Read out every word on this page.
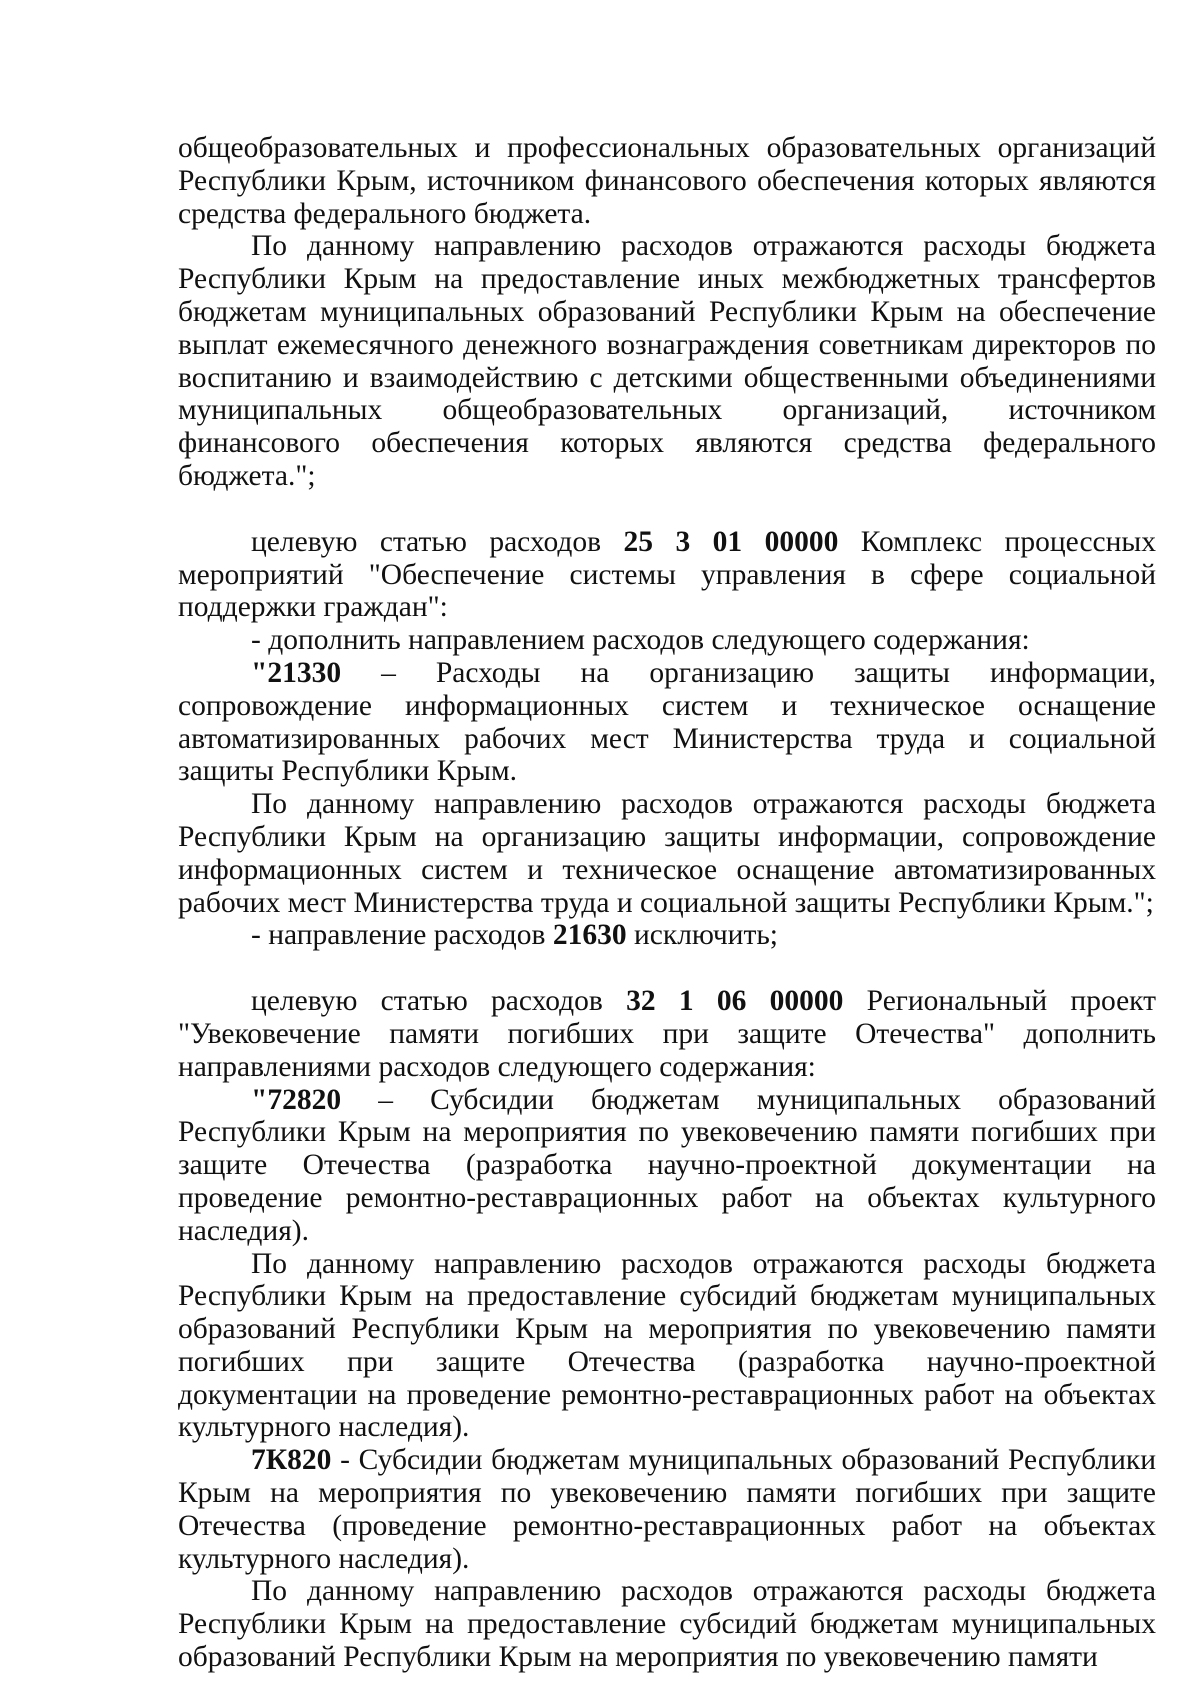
общеобразовательных и профессиональных образовательных организаций Республики Крым, источником финансового обеспечения которых являются средства федерального бюджета.

По данному направлению расходов отражаются расходы бюджета Республики Крым на предоставление иных межбюджетных трансфертов бюджетам муниципальных образований Республики Крым на обеспечение выплат ежемесячного денежного вознаграждения советникам директоров по воспитанию и взаимодействию с детскими общественными объединениями муниципальных общеобразовательных организаций, источником финансового обеспечения которых являются средства федерального бюджета.";

целевую статью расходов 25 3 01 00000 Комплекс процессных мероприятий "Обеспечение системы управления в сфере социальной поддержки граждан":

- дополнить направлением расходов следующего содержания:

"21330 – Расходы на организацию защиты информации, сопровождение информационных систем и техническое оснащение автоматизированных рабочих мест Министерства труда и социальной защиты Республики Крым.

По данному направлению расходов отражаются расходы бюджета Республики Крым на организацию защиты информации, сопровождение информационных систем и техническое оснащение автоматизированных рабочих мест Министерства труда и социальной защиты Республики Крым.";

- направление расходов 21630 исключить;

целевую статью расходов 32 1 06 00000 Региональный проект "Увековечение памяти погибших при защите Отечества" дополнить направлениями расходов следующего содержания:

"72820 – Субсидии бюджетам муниципальных образований Республики Крым на мероприятия по увековечению памяти погибших при защите Отечества (разработка научно-проектной документации на проведение ремонтно-реставрационных работ на объектах культурного наследия).

По данному направлению расходов отражаются расходы бюджета Республики Крым на предоставление субсидий бюджетам муниципальных образований Республики Крым на мероприятия по увековечению памяти погибших при защите Отечества (разработка научно-проектной документации на проведение ремонтно-реставрационных работ на объектах культурного наследия).

7К820 - Субсидии бюджетам муниципальных образований Республики Крым на мероприятия по увековечению памяти погибших при защите Отечества (проведение ремонтно-реставрационных работ на объектах культурного наследия).

По данному направлению расходов отражаются расходы бюджета Республики Крым на предоставление субсидий бюджетам муниципальных образований Республики Крым на мероприятия по увековечению памяти
